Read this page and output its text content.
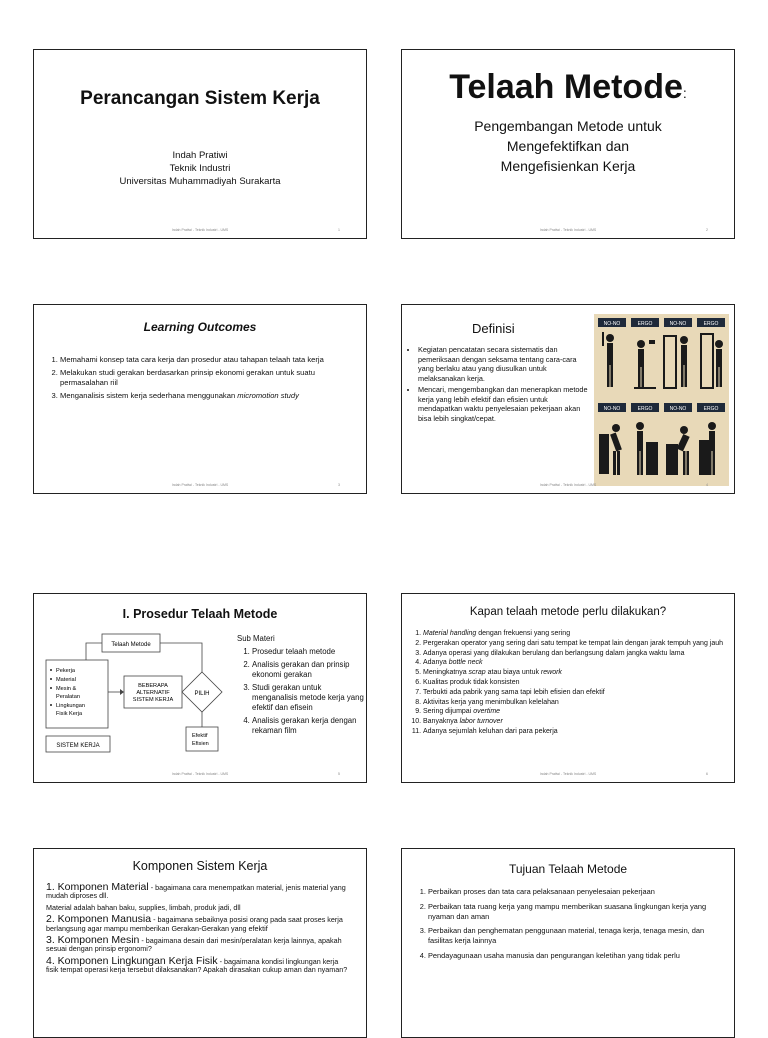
Perancangan Sistem Kerja
Indah Pratiwi
Teknik Industri
Universitas Muhammadiyah Surakarta
Indah Pratiwi - Teknik Industri - UMS	1
Telaah Metode:
Pengembangan Metode untuk
Mengefektifkan dan
Mengefisienkan Kerja
Indah Pratiwi - Teknik Industri - UMS	2
Learning Outcomes
1. Memahami konsep tata cara kerja dan prosedur atau tahapan telaah tata kerja
2. Melakukan studi gerakan berdasarkan prinsip ekonomi gerakan untuk suatu permasalahan riil
3. Menganalisis sistem kerja sederhana menggunakan micromotion study
Indah Pratiwi - Teknik Industri - UMS	3
Definisi
• Kegiatan pencatatan secara sistematis dan pemeriksaan dengan seksama tentang cara-cara yang berlaku atau yang diusulkan untuk melaksanakan kerja.
• Mencari, mengembangkan dan menerapkan metode kerja yang lebih efektif dan efisien untuk mendapatkan waktu penyelesaian pekerjaan akan bisa lebih singkat/cepat.
NO-NO	ERGO	NO-NO	ERGO
NO-NO	ERGO	NO-NO	ERGO
Indah Pratiwi - Teknik Industri - UMS	4
I. Prosedur Telaah Metode
Telaah Metode
Pekerja
Material
Mesin &
Peralatan
Lingkungan
Fisik Kerja
BEBERAPA
ALTERNATIF
SISTEM KERJA
PILIH
Efektif
Efisien
SISTEM KERJA
Sub Materi
1. Prosedur telaah metode
2. Analisis gerakan dan prinsip ekonomi gerakan
3. Studi gerakan untuk menganalisis metode kerja yang efektif dan efisein
4. Analisis gerakan kerja dengan rekaman film
Indah Pratiwi - Teknik Industri - UMS	5
Kapan telaah metode perlu dilakukan?
1. Material handling dengan frekuensi yang sering
2. Pergerakan operator yang sering dari satu tempat ke tempat lain dengan jarak tempuh yang jauh
3. Adanya operasi yang dilakukan berulang dan berlangsung dalam jangka waktu lama
4. Adanya bottle neck
5. Meningkatnya scrap atau biaya untuk rework
6. Kualitas produk tidak konsisten
7. Terbukti ada pabrik yang sama tapi lebih efisien dan efektif
8. Aktivitas kerja yang menimbulkan kelelahan
9. Sering dijumpai overtime
10. Banyaknya labor turnover
11. Adanya sejumlah keluhan dari para pekerja
Indah Pratiwi - Teknik Industri - UMS	6
Komponen Sistem Kerja
1. Komponen Material - bagaimana cara menempatkan material, jenis material yang mudah diproses dll.
Material adalah bahan baku, supplies, limbah, produk jadi, dll
2. Komponen Manusia - bagaimana sebaiknya posisi orang pada saat proses kerja berlangsung agar mampu memberikan Gerakan-Gerakan yang efektif
3. Komponen Mesin - bagaimana desain dari mesin/peralatan kerja lainnya, apakah sesuai dengan prinsip ergonomi?
4. Komponen Lingkungan Kerja Fisik - bagaimana kondisi lingkungan kerja fisik tempat operasi kerja tersebut dilaksanakan? Apakah dirasakan cukup aman dan nyaman?
Tujuan Telaah Metode
1. Perbaikan proses dan tata cara pelaksanaan penyelesaian pekerjaan
2. Perbaikan tata ruang kerja yang mampu memberikan suasana lingkungan kerja yang nyaman dan aman
3. Perbaikan dan penghematan penggunaan material, tenaga kerja, tenaga mesin, dan fasilitas kerja lainnya
4. Pendayagunaan usaha manusia dan pengurangan keletihan yang tidak perlu
